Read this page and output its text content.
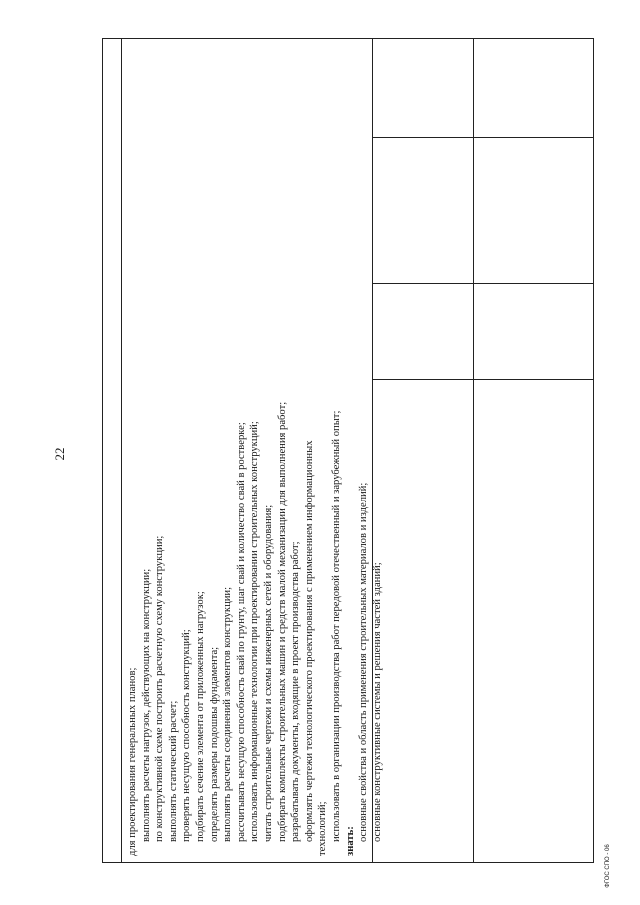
22

для проектирования генеральных планов; выполнять расчеты нагрузок, действующих на конструкции; по конструктивной схеме построить расчетную схему конструкции; выполнять статический расчет; проверять несущую способность конструкций; подбирать сечение элемента от приложенных нагрузок; определять размеры подошвы фундамента; выполнять расчеты соединений элементов конструкции; рассчитывать несущую способность свай по грунту, шаг свай и количество свай в ростверке; использовать информационные технологии при проектировании строительных конструкций; читать строительные чертежи и схемы инженерных сетей и оборудования; подбирать комплекты строительных машин и средств малой механизации для выполнения работ; разрабатывать документы, входящие в проект производства работ; оформлять чертежи технологического проектирования с применением информационных технологий; использовать в организации производства работ передовой отечественный и зарубежный опыт; знать: основные свойства и область применения строительных материалов и изделий; основные конструктивные системы и решения частей зданий;

ФГОС СПО - 06
